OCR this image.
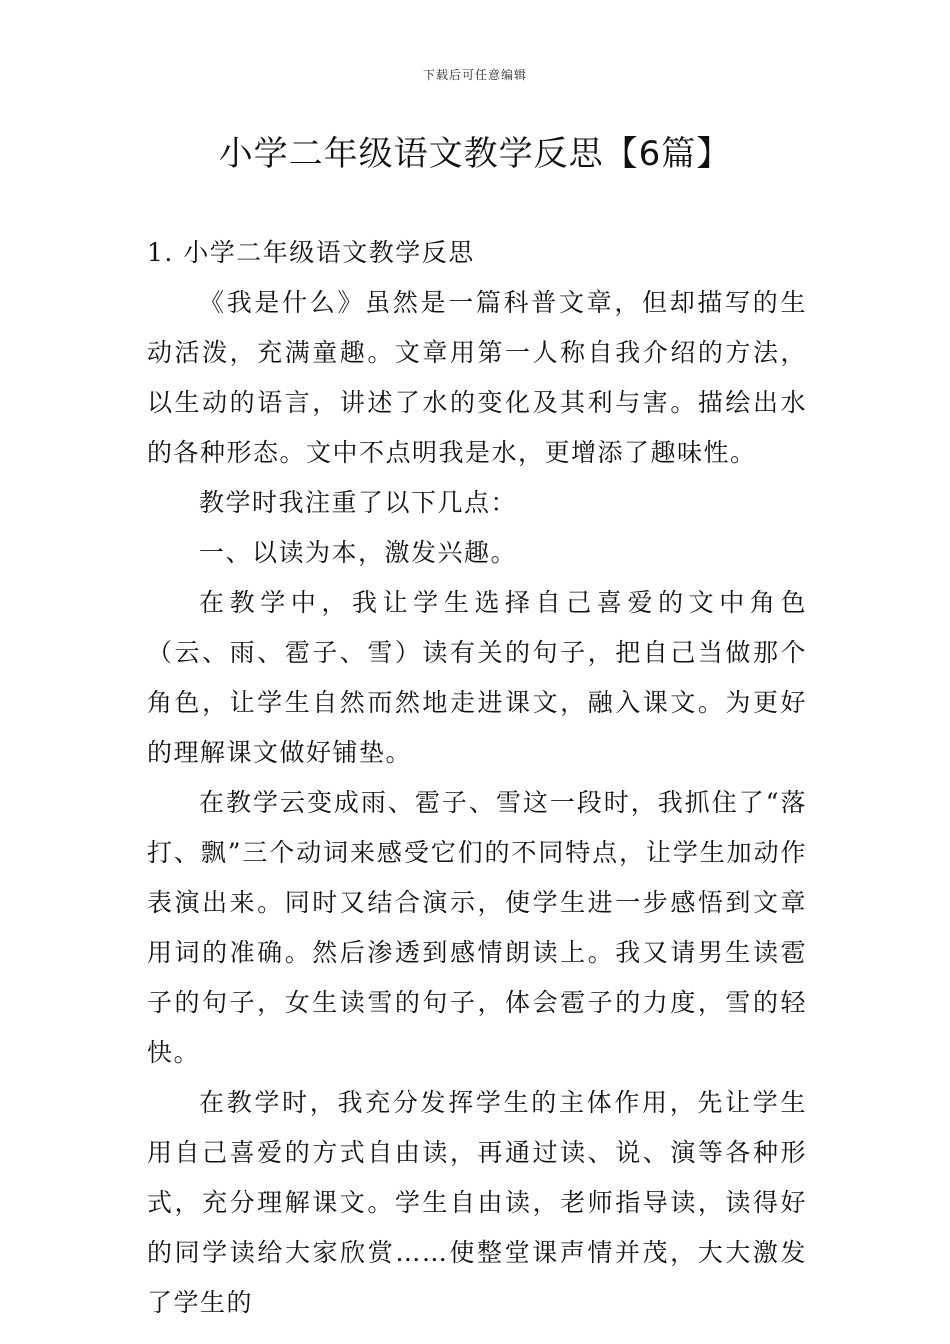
下载后可任意编辑
小学二年级语文教学反思【6篇】
1. 小学二年级语文教学反思

《我是什么》虽然是一篇科普文章，但却描写的生动活泼，充满童趣。文章用第一人称自我介绍的方法，以生动的语言，讲述了水的变化及其利与害。描绘出水的各种形态。文中不点明我是水，更增添了趣味性。

教学时我注重了以下几点：

一、以读为本，激发兴趣。

在教学中，我让学生选择自己喜爱的文中角色（云、雨、雹子、雪）读有关的句子，把自己当做那个角色，让学生自然而然地走进课文，融入课文。为更好的理解课文做好铺垫。

在教学云变成雨、雹子、雪这一段时，我抓住了“落打、飘”三个动词来感受它们的不同特点，让学生加动作表演出来。同时又结合演示，使学生进一步感悟到文章用词的准确。然后渗透到感情朗读上。我又请男生读雹子的句子，女生读雪的句子，体会雹子的力度，雪的轻快。

在教学时，我充分发挥学生的主体作用，先让学生用自己喜爱的方式自由读，再通过读、说、演等各种形式，充分理解课文。学生自由读，老师指导读，读得好的同学读给大家欣赏……使整堂课声情并茂，大大激发了学生的
